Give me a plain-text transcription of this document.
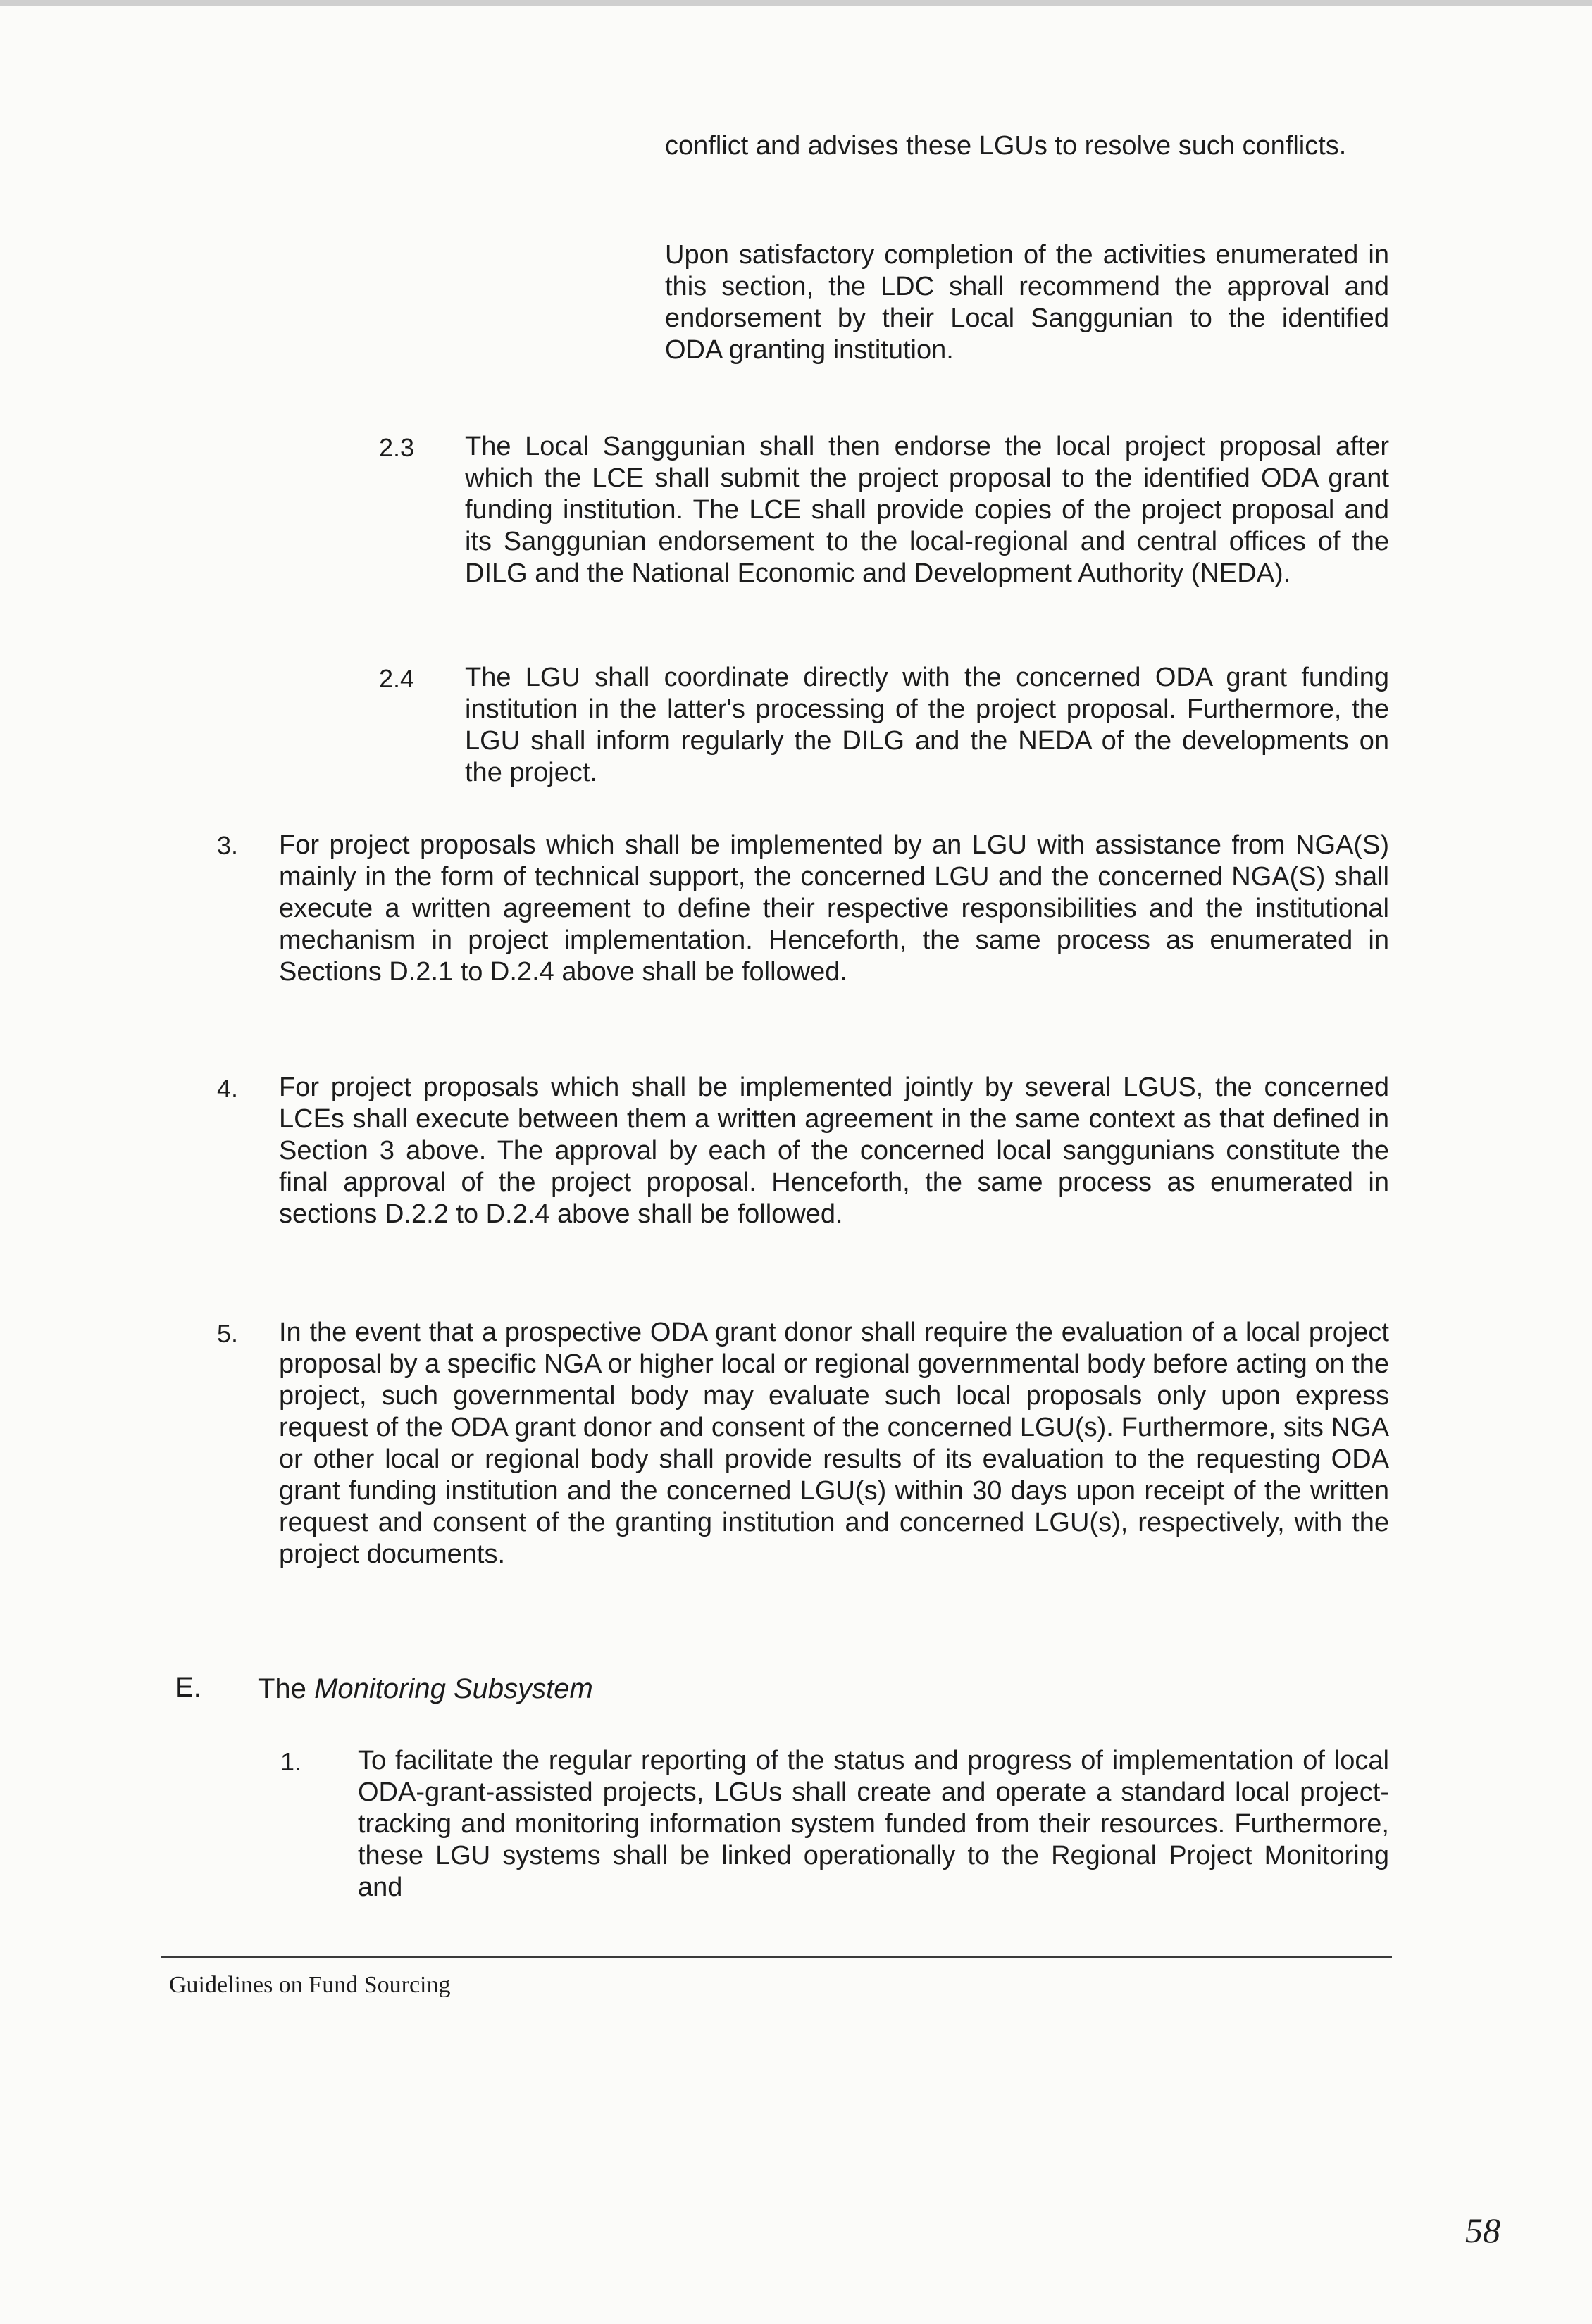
conflict and advises these LGUs to resolve such conflicts.

Upon satisfactory completion of the activities enumerated in this section, the LDC shall recommend the approval and endorsement by their Local Sanggunian to the identified ODA granting institution.

2.3 The Local Sanggunian shall then endorse the local project proposal after which the LCE shall submit the project proposal to the identified ODA grant funding institution. The LCE shall provide copies of the project proposal and its Sanggunian endorsement to the local-regional and central offices of the DILG and the National Economic and Development Authority (NEDA).

2.4 The LGU shall coordinate directly with the concerned ODA grant funding institution in the latter's processing of the project proposal. Furthermore, the LGU shall inform regularly the DILG and the NEDA of the developments on the project.

3. For project proposals which shall be implemented by an LGU with assistance from NGA(S) mainly in the form of technical support, the concerned LGU and the concerned NGA(S) shall execute a written agreement to define their respective responsibilities and the institutional mechanism in project implementation. Henceforth, the same process as enumerated in Sections D.2.1 to D.2.4 above shall be followed.

4. For project proposals which shall be implemented jointly by several LGUS, the concerned LCEs shall execute between them a written agreement in the same context as that defined in Section 3 above. The approval by each of the concerned local sanggunians constitute the final approval of the project proposal. Henceforth, the same process as enumerated in sections D.2.2 to D.2.4 above shall be followed.

5. In the event that a prospective ODA grant donor shall require the evaluation of a local project proposal by a specific NGA or higher local or regional governmental body before acting on the project, such governmental body may evaluate such local proposals only upon express request of the ODA grant donor and consent of the concerned LGU(s). Furthermore, sits NGA or other local or regional body shall provide results of its evaluation to the requesting ODA grant funding institution and the concerned LGU(s) within 30 days upon receipt of the written request and consent of the granting institution and concerned LGU(s), respectively, with the project documents.

E. The Monitoring Subsystem
1. To facilitate the regular reporting of the status and progress of implementation of local ODA-grant-assisted projects, LGUs shall create and operate a standard local project-tracking and monitoring information system funded from their resources. Furthermore, these LGU systems shall be linked operationally to the Regional Project Monitoring and

Guidelines on Fund Sourcing
58
